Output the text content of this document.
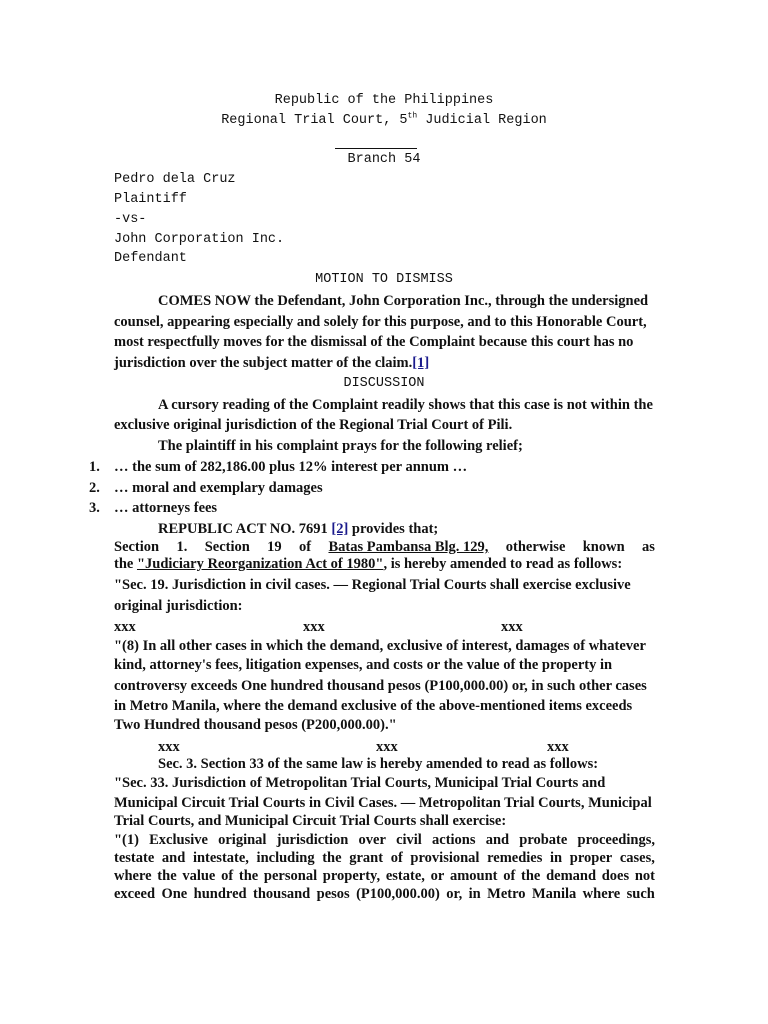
Republic of the Philippines
Regional Trial Court, 5th Judicial Region
Branch 54
Pedro dela Cruz
Plaintiff
-vs-
John Corporation Inc.
Defendant
MOTION TO DISMISS
COMES NOW the Defendant, John Corporation Inc., through the undersigned
counsel, appearing especially and solely for this purpose, and to this Honorable Court,
most respectfully moves for the dismissal of the Complaint because this court has no
jurisdiction over the subject matter of the claim.[1]
DISCUSSION
A cursory reading of the Complaint readily shows that this case is not within the
exclusive original jurisdiction of the Regional Trial Court of Pili.
The plaintiff in his complaint prays for the following relief;
1. … the sum of 282,186.00 plus 12% interest per annum …
2. … moral and exemplary damages
3. … attorneys fees
REPUBLIC ACT NO. 7691 [2] provides that;
Section 1. Section 19 of Batas Pambansa Blg. 129, otherwise known as
the "Judiciary Reorganization Act of 1980", is hereby amended to read as follows:
"Sec. 19. Jurisdiction in civil cases. — Regional Trial Courts shall exercise exclusive
original jurisdiction:
xxx	xxx	xxx
"(8) In all other cases in which the demand, exclusive of interest, damages of whatever
kind, attorney's fees, litigation expenses, and costs or the value of the property in
controversy exceeds One hundred thousand pesos (P100,000.00) or, in such other cases
in Metro Manila, where the demand exclusive of the above-mentioned items exceeds
Two Hundred thousand pesos (P200,000.00)."
xxx	xxx	xxx
Sec. 3. Section 33 of the same law is hereby amended to read as follows:
"Sec. 33. Jurisdiction of Metropolitan Trial Courts, Municipal Trial Courts and
Municipal Circuit Trial Courts in Civil Cases. — Metropolitan Trial Courts, Municipal
Trial Courts, and Municipal Circuit Trial Courts shall exercise:
"(1) Exclusive original jurisdiction over civil actions and probate proceedings,
testate and intestate, including the grant of provisional remedies in proper cases,
where the value of the personal property, estate, or amount of the demand does not
exceed One hundred thousand pesos (P100,000.00) or, in Metro Manila where such
